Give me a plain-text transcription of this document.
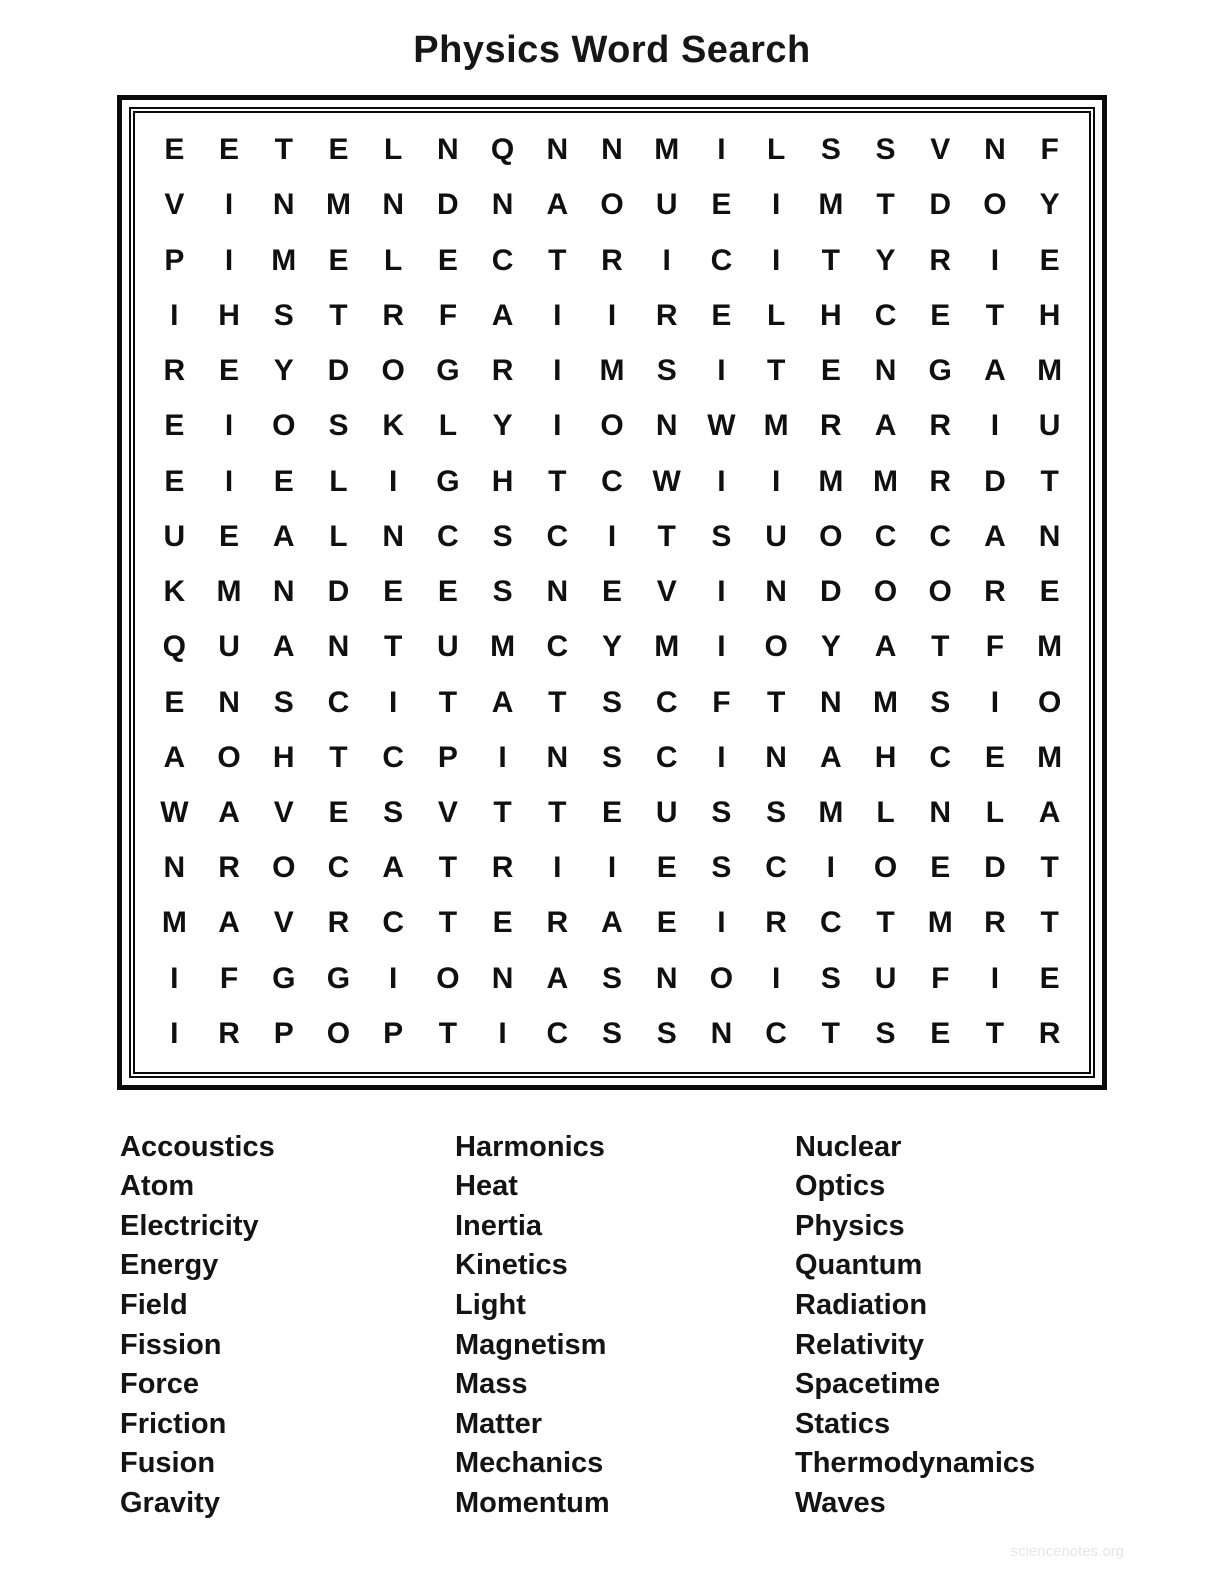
Physics Word Search
E	E	T	E	L	N	Q	N	N	M	I	L	S	S	V	N	F
V	I	N	M	N	D	N	A	O	U	E	I	M	T	D	O	Y
P	I	M	E	L	E	C	T	R	I	C	I	T	Y	R	I	E
I	H	S	T	R	F	A	I	I	R	E	L	H	C	E	T	H
R	E	Y	D	O	G	R	I	M	S	I	T	E	N	G	A	M
E	I	O	S	K	L	Y	I	O	N W M	R	A	R	I	U
E	I	E	L	I	G	H	T	C W	I	I	M M	R	D	T
U	E	A	L	N	C	S	C	I	T	S	U	O	C	C	A	N
K	M	N	D	E	E	S	N	E	V	I	N	D	O	O	R	E
Q	U	A	N	T	U	M	C	Y	M	I	O	Y	A	T	F	M
E	N	S	C	I	T	A	T	S	C	F	T	N	M	S	I	O
A	O	H	T	C	P	I	N	S	C	I	N	A	H	C	E	M
W A	V	E	S	V	T	T	E	U	S	S	M	L	N	L	A
N	R	O	C	A	T	R	I	I	E	S	C	I	O	E	D	T
M	A	V	R	C	T	E	R	A	E	I	R	C	T	M	R	T
I	F	G	G	I	O	N	A	S	N	O	I	S	U	F	I	E
I	R	P	O	P	T	I	C	S	S	N	C	T	S	E	T	R
Accoustics
Atom
Electricity
Energy
Field
Fission
Force
Friction
Fusion
Gravity
Harmonics
Heat
Inertia
Kinetics
Light
Magnetism
Mass
Matter
Mechanics
Momentum
Nuclear
Optics
Physics
Quantum
Radiation
Relativity
Spacetime
Statics
Thermodynamics
Waves
sciencenotes.org
